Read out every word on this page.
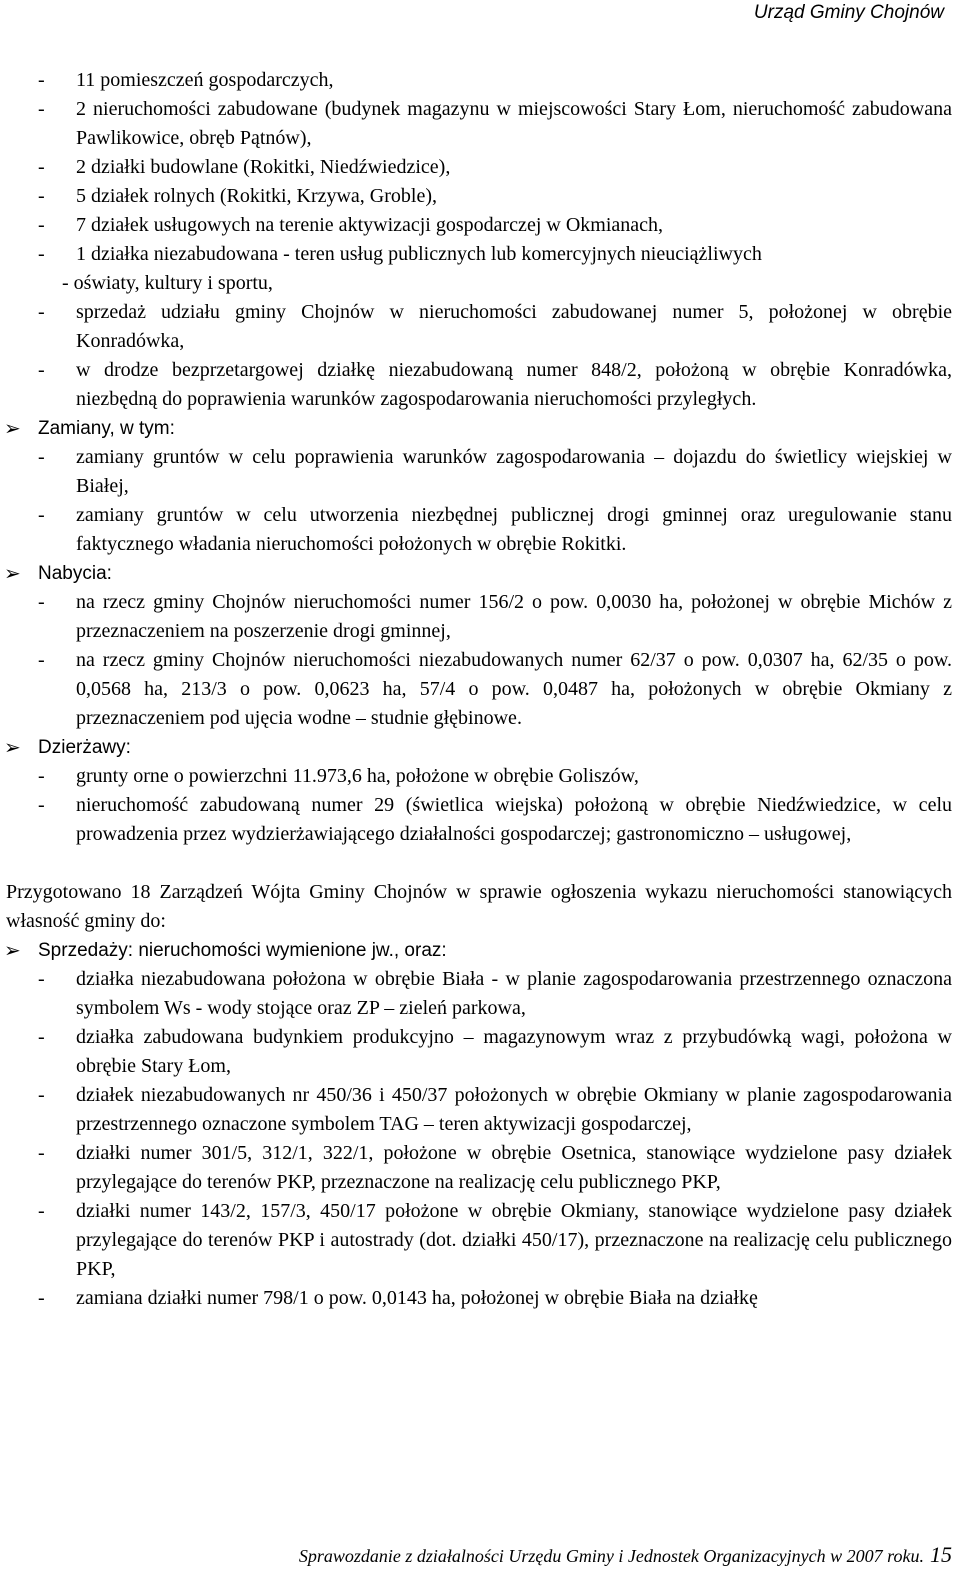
Urząd Gminy Chojnów
- 11 pomieszczeń gospodarczych,
- 2 nieruchomości zabudowane (budynek magazynu w miejscowości Stary Łom, nieruchomość zabudowana Pawlikowice, obręb Pątnów),
- 2 działki budowlane (Rokitki, Niedźwiedzice),
- 5 działek rolnych (Rokitki, Krzywa, Groble),
- 7 działek usługowych na terenie aktywizacji gospodarczej w Okmianach,
- 1 działka niezabudowana - teren usług publicznych lub komercyjnych nieuciążliwych
- oświaty, kultury i sportu,
- sprzedaż udziału gminy Chojnów w nieruchomości zabudowanej numer 5, położonej w obrębie Konradówka,
- w drodze bezprzetargowej działkę niezabudowaną numer 848/2, położoną w obrębie Konradówka, niezbędną do poprawienia warunków zagospodarowania nieruchomości przyległych.
➢ Zamiany, w tym:
- zamiany gruntów w celu poprawienia warunków zagospodarowania – dojazdu do świetlicy wiejskiej w Białej,
- zamiany gruntów w celu utworzenia niezbędnej publicznej drogi gminnej oraz uregulowanie stanu faktycznego władania nieruchomości położonych w obrębie Rokitki.
➢ Nabycia:
- na rzecz gminy Chojnów nieruchomości numer 156/2 o pow. 0,0030 ha, położonej w obrębie Michów z przeznaczeniem na poszerzenie drogi gminnej,
- na rzecz gminy Chojnów nieruchomości niezabudowanych numer 62/37 o pow. 0,0307 ha, 62/35 o pow. 0,0568 ha, 213/3 o pow. 0,0623 ha, 57/4 o pow. 0,0487 ha, położonych w obrębie Okmiany z przeznaczeniem pod ujęcia wodne – studnie głębinowe.
➢ Dzierżawy:
- grunty orne o powierzchni 11.973,6 ha, położone w obrębie Goliszów,
- nieruchomość zabudowaną numer 29 (świetlica wiejska) położoną w obrębie Niedźwiedzice, w celu prowadzenia przez wydzierżawiającego działalności gospodarczej; gastronomiczno – usługowej,
Przygotowano 18 Zarządzeń Wójta Gminy Chojnów w sprawie ogłoszenia wykazu nieruchomości stanowiących własność gminy do:
➢ Sprzedaży: nieruchomości wymienione jw., oraz:
- działka niezabudowana położona w obrębie Biała - w planie zagospodarowania przestrzennego oznaczona symbolem Ws - wody stojące oraz ZP – zieleń parkowa,
- działka zabudowana budynkiem produkcyjno – magazynowym wraz z przybudówką wagi, położona w obrębie Stary Łom,
- działek niezabudowanych nr 450/36 i 450/37 położonych w obrębie Okmiany w planie zagospodarowania przestrzennego oznaczone symbolem TAG – teren aktywizacji gospodarczej,
- działki numer 301/5, 312/1, 322/1, położone w obrębie Osetnica, stanowiące wydzielone pasy działek przylegające do terenów PKP, przeznaczone na realizację celu publicznego PKP,
- działki numer 143/2, 157/3, 450/17 położone w obrębie Okmiany, stanowiące wydzielone pasy działek przylegające do terenów PKP i autostrady (dot. działki 450/17), przeznaczone na realizację celu publicznego PKP,
- zamiana działki numer 798/1 o pow. 0,0143 ha, położonej w obrębie Biała na działkę
Sprawozdanie z działalności Urzędu Gminy i Jednostek Organizacyjnych w 2007 roku. 15
